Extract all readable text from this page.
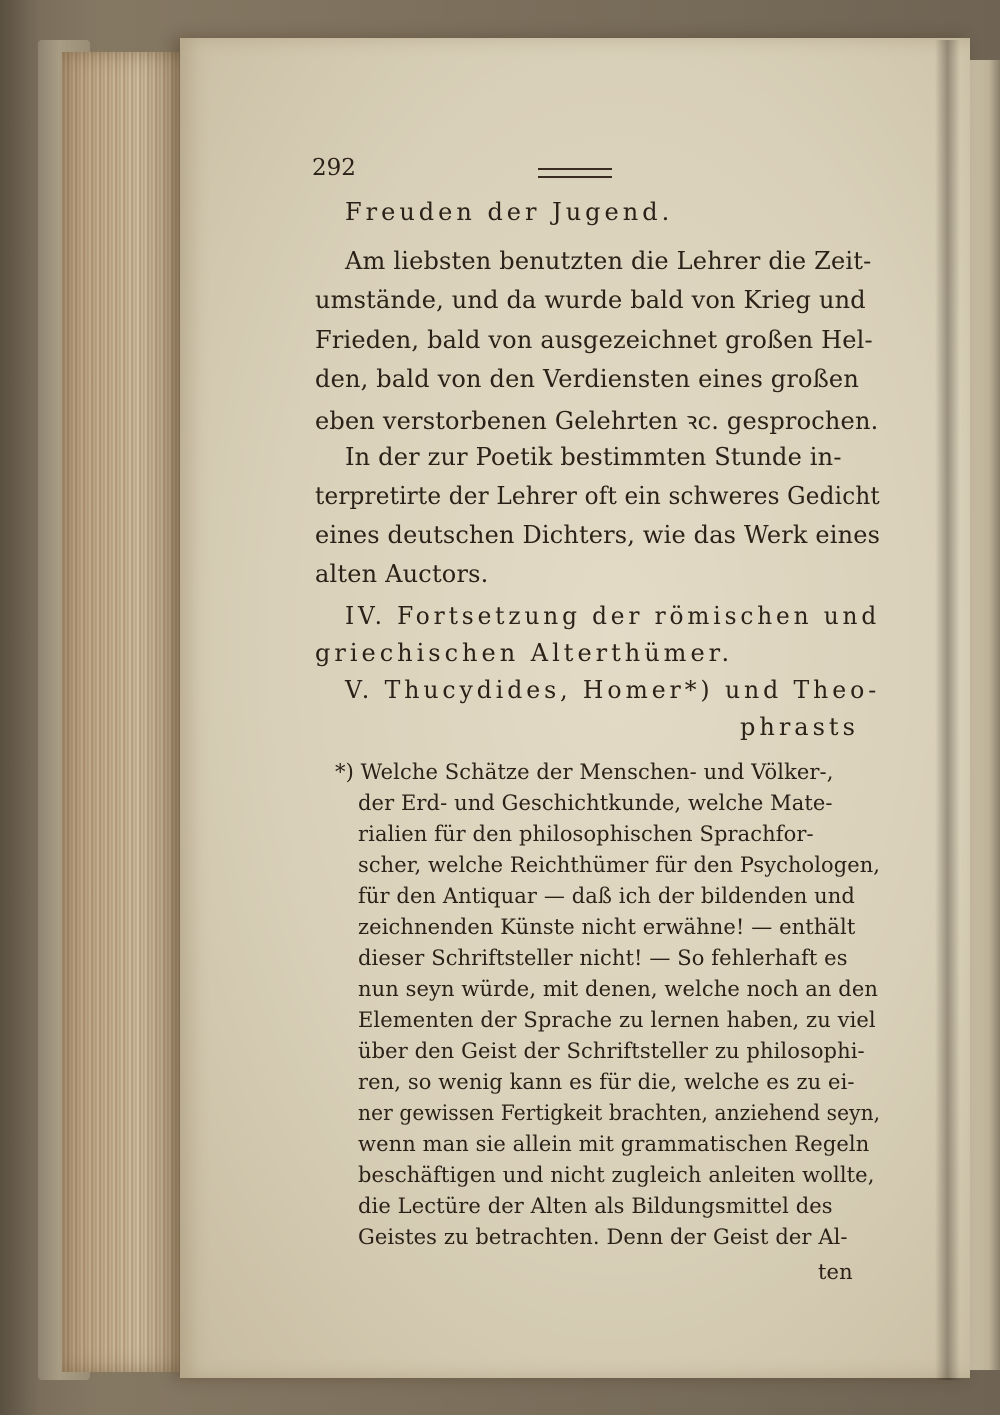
292
Freuden der Jugend.
Am liebsten benutzten die Lehrer die Zeit-
umstände, und da wurde bald von Krieg und
Frieden, bald von ausgezeichnet großen Hel-
den, bald von den Verdiensten eines großen
eben verstorbenen Gelehrten ꝛc. gesprochen.
In der zur Poetik bestimmten Stunde in-
terpretirte der Lehrer oft ein schweres Gedicht
eines deutschen Dichters, wie das Werk eines
alten Auctors.
IV. Fortsetzung der römischen und
griechischen Alterthümer.
V. Thucydides, Homer*) und Theo-
phrasts
*) Welche Schätze der Menschen- und Völker-,
der Erd- und Geschichtkunde, welche Mate-
rialien für den philosophischen Sprachfor-
scher, welche Reichthümer für den Psychologen,
für den Antiquar — daß ich der bildenden und
zeichnenden Künste nicht erwähne! — enthält
dieser Schriftsteller nicht! — So fehlerhaft es
nun seyn würde, mit denen, welche noch an den
Elementen der Sprache zu lernen haben, zu viel
über den Geist der Schriftsteller zu philosophi-
ren, so wenig kann es für die, welche es zu ei-
ner gewissen Fertigkeit brachten, anziehend seyn,
wenn man sie allein mit grammatischen Regeln
beschäftigen und nicht zugleich anleiten wollte,
die Lectüre der Alten als Bildungsmittel des
Geistes zu betrachten. Denn der Geist der Al-
ten
